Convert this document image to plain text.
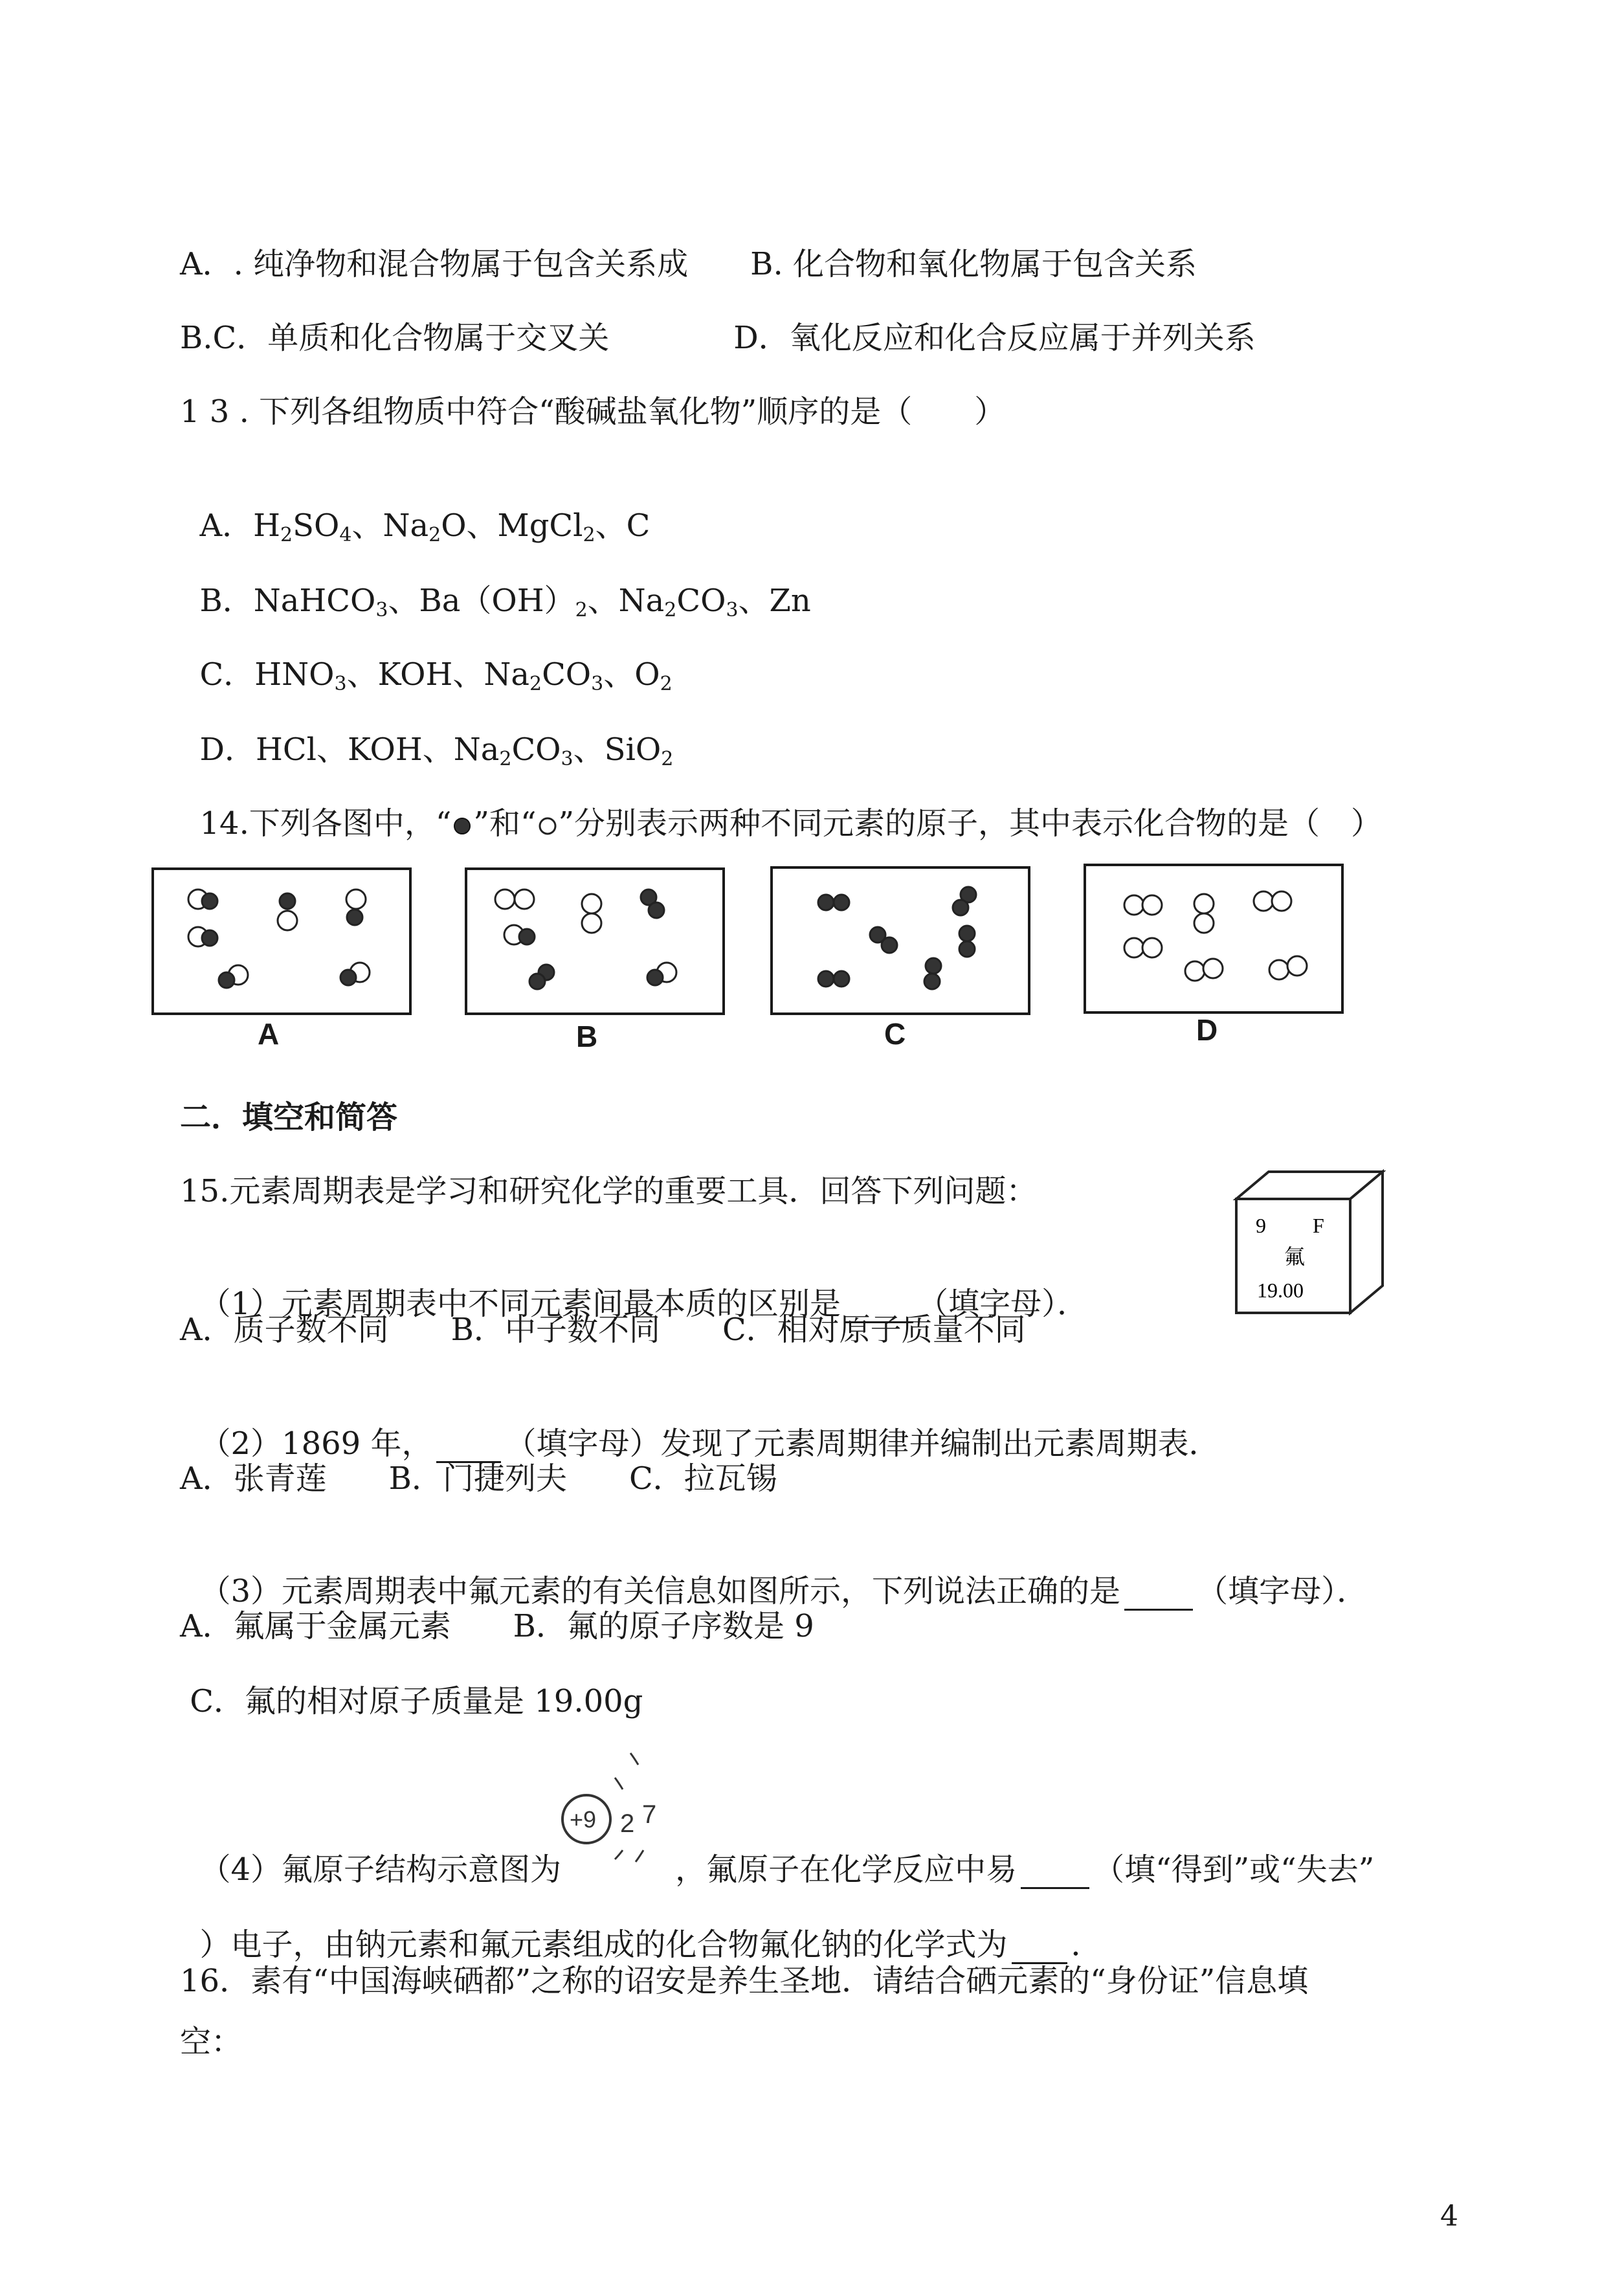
A．. 纯净物和混合物属于包含关系成　　B. 化合物和氧化物属于包含关系
B.C．单质和化合物属于交叉关　　　　D．氧化反应和化合反应属于并列关系
1 3 . 下列各组物质中符合“酸碱盐氧化物”顺序的是（　　）

A．$H_2SO_4$、$Na_2O$、MgCl$_2$、C

B．NaHCO$_3$、$Ba(OH)_2$、$Na_2CO_3$、Zn

C．$HNO_3$、KOH、$Na_2CO_3$、$O_2$

D．HCl、KOH、$Na_2CO_3$、SiO$_2$

14.下列各图中，“ ”和“ ”分别表示两种不同元素的原子，其中表示化合物的是（　）

A	B	C	D
二．填空和简答
15.元素周期表是学习和研究化学的重要工具．回答下列问题：

（1）元素周期表中不同元素间最本质的区别是 （填字母）．

A．质子数不同　　B．中子数不同　　C．相对原子质量不同

（2）1869 年， （填字母）发现了元素周期律并编制出元素周期表．

A．张青莲　　B．门捷列夫　　C．拉瓦锡

（3）元素周期表中氟元素的有关信息如图所示，下列说法正确的是 （填字母）．

A．氟属于金属元素　　B．氟的原子序数是 9
C．氟的相对原子质量是 19.00g
9 F
氟
19.00

（4）氟原子结构示意图为	，氟原子在化学反应中易 （填“得到”或“失去”

+9 2 7

）电子，由钠元素和氟元素组成的化合物氟化钠的化学式为 ．

16．素有“中国海峡硒都”之称的诏安是养生圣地．请结合硒元素的“身份证”信息填
空：
4
